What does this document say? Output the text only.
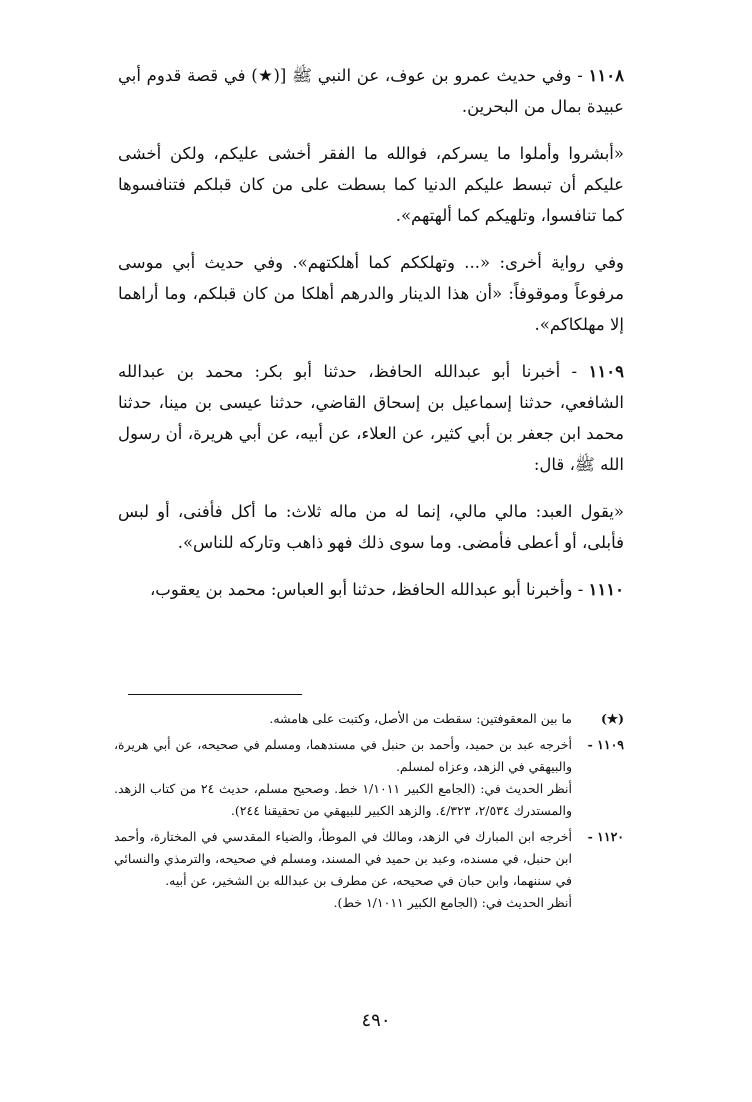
١١٠٨ - وفي حديث عمرو بن عوف، عن النبي ﷺ [(★) في قصة قدوم أبي عبيدة بمال من البحرين.

«أبشروا وأملوا ما يسركم، فوالله ما الفقر أخشى عليكم، ولكن أخشى عليكم أن تبسط عليكم الدنيا كما بسطت على من كان قبلكم فتنافسوها كما تنافسوا، وتلهيكم كما ألهتهم».

وفي رواية أخرى: «... وتهلككم كما أهلكتهم». وفي حديث أبي موسى مرفوعاً وموقوفاً: «أن هذا الدينار والدرهم أهلكا من كان قبلكم، وما أراهما إلا مهلكاكم».

١١٠٩ - أخبرنا أبو عبدالله الحافظ، حدثنا أبو بكر: محمد بن عبدالله الشافعي، حدثنا إسماعيل بن إسحاق القاضي، حدثنا عيسى بن مينا، حدثنا محمد ابن جعفر بن أبي كثير، عن العلاء، عن أبيه، عن أبي هريرة، أن رسول الله ﷺ، قال:

«يقول العبد: مالي مالي، إنما له من ماله ثلاث: ما أكل فأفنى، أو لبس فأبلى، أو أعطى فأمضى. وما سوى ذلك فهو ذاهب وتاركه للناس».

١١١٠ - وأخبرنا أبو عبدالله الحافظ، حدثنا أبو العباس: محمد بن يعقوب،

(★)

ما بين المعقوفتين: سقطت من الأصل، وكتبت على هامشه.

١١٠٩ -

أخرجه عبد بن حميد، وأحمد بن حنبل في مسندهما، ومسلم في صحيحه، عن أبي هريرة، والبيهقي في الزهد، وعزاه لمسلم.

أنظر الحديث في: (الجامع الكبير ١/١٠١١ خط. وصحيح مسلم، حديث ٢٤ من كتاب الزهد. والمستدرك ٢/٥٣٤، ٤/٣٢٣. والزهد الكبير للبيهقي من تحقيقنا ٢٤٤).

١١٢٠ -

أخرجه ابن المبارك في الزهد، ومالك في الموطأ، والضياء المقدسي في المختارة، وأحمد ابن حنبل، في مسنده، وعبد بن حميد في المسند، ومسلم في صحيحه، والترمذي والنسائي في سننهما، وابن حبان في صحيحه، عن مطرف بن عبدالله بن الشخير، عن أبيه.

أنظر الحديث في: (الجامع الكبير ١/١٠١١ خط).

٤٩٠
